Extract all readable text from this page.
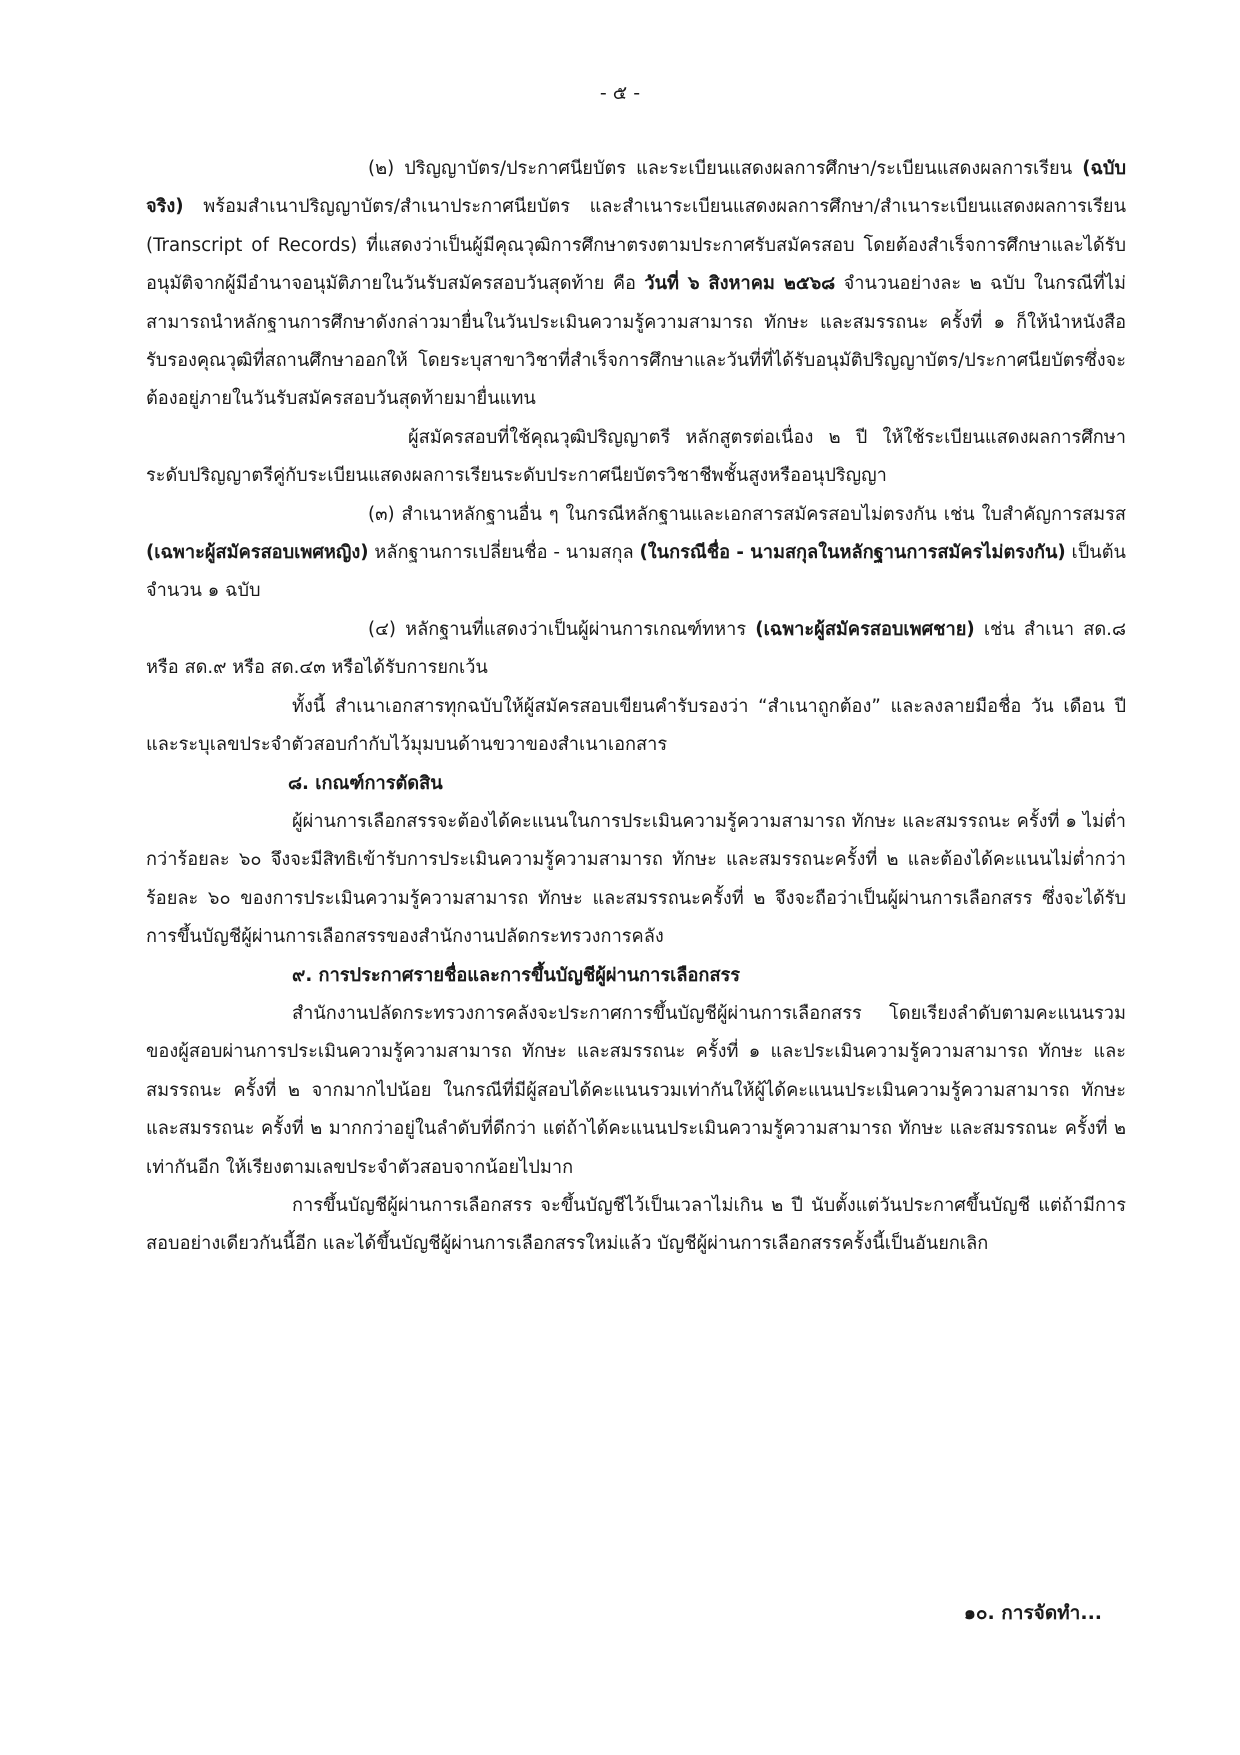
- ๕ -

(๒) ปริญญาบัตร/ประกาศนียบัตร และระเบียนแสดงผลการศึกษา/ระเบียนแสดงผลการเรียน (ฉบับจริง) พร้อมสำเนาปริญญาบัตร/สำเนาประกาศนียบัตร และสำเนาระเบียนแสดงผลการศึกษา/สำเนาระเบียนแสดงผลการเรียน (Transcript of Records) ที่แสดงว่าเป็นผู้มีคุณวุฒิการศึกษาตรงตามประกาศรับสมัครสอบ โดยต้องสำเร็จการศึกษาและได้รับอนุมัติจากผู้มีอำนาจอนุมัติภายในวันรับสมัครสอบวันสุดท้าย คือ วันที่ ๖ สิงหาคม ๒๕๖๘ จำนวนอย่างละ ๒ ฉบับ ในกรณีที่ไม่สามารถนำหลักฐานการศึกษาดังกล่าวมายื่นในวันประเมินความรู้ความสามารถ ทักษะ และสมรรถนะ ครั้งที่ ๑ ก็ให้นำหนังสือรับรองคุณวุฒิที่สถานศึกษาออกให้ โดยระบุสาขาวิชาที่สำเร็จการศึกษาและวันที่ที่ได้รับอนุมัติปริญญาบัตร/ประกาศนียบัตรซึ่งจะต้องอยู่ภายในวันรับสมัครสอบวันสุดท้ายมายื่นแทน

ผู้สมัครสอบที่ใช้คุณวุฒิปริญญาตรี หลักสูตรต่อเนื่อง ๒ ปี ให้ใช้ระเบียนแสดงผลการศึกษาระดับปริญญาตรีคู่กับระเบียนแสดงผลการเรียนระดับประกาศนียบัตรวิชาชีพชั้นสูงหรืออนุปริญญา

(๓) สำเนาหลักฐานอื่น ๆ ในกรณีหลักฐานและเอกสารสมัครสอบไม่ตรงกัน เช่น ใบสำคัญการสมรส (เฉพาะผู้สมัครสอบเพศหญิง) หลักฐานการเปลี่ยนชื่อ - นามสกุล (ในกรณีชื่อ - นามสกุลในหลักฐานการสมัครไม่ตรงกัน) เป็นต้น จำนวน ๑ ฉบับ

(๔) หลักฐานที่แสดงว่าเป็นผู้ผ่านการเกณฑ์ทหาร (เฉพาะผู้สมัครสอบเพศชาย) เช่น สำเนา สด.๘ หรือ สด.๙ หรือ สด.๔๓ หรือได้รับการยกเว้น

ทั้งนี้ สำเนาเอกสารทุกฉบับให้ผู้สมัครสอบเขียนคำรับรองว่า “สำเนาถูกต้อง” และลงลายมือชื่อ วัน เดือน ปี และระบุเลขประจำตัวสอบกำกับไว้มุมบนด้านขวาของสำเนาเอกสาร

๘. เกณฑ์การตัดสิน

ผู้ผ่านการเลือกสรรจะต้องได้คะแนนในการประเมินความรู้ความสามารถ ทักษะ และสมรรถนะ ครั้งที่ ๑ ไม่ต่ำกว่าร้อยละ ๖๐ จึงจะมีสิทธิเข้ารับการประเมินความรู้ความสามารถ ทักษะ และสมรรถนะครั้งที่ ๒ และต้องได้คะแนนไม่ต่ำกว่าร้อยละ ๖๐ ของการประเมินความรู้ความสามารถ ทักษะ และสมรรถนะครั้งที่ ๒ จึงจะถือว่าเป็นผู้ผ่านการเลือกสรร ซึ่งจะได้รับการขึ้นบัญชีผู้ผ่านการเลือกสรรของสำนักงานปลัดกระทรวงการคลัง

๙. การประกาศรายชื่อและการขึ้นบัญชีผู้ผ่านการเลือกสรร

สำนักงานปลัดกระทรวงการคลังจะประกาศการขึ้นบัญชีผู้ผ่านการเลือกสรร โดยเรียงลำดับตามคะแนนรวมของผู้สอบผ่านการประเมินความรู้ความสามารถ ทักษะ และสมรรถนะ ครั้งที่ ๑ และประเมินความรู้ความสามารถ ทักษะ และสมรรถนะ ครั้งที่ ๒ จากมากไปน้อย ในกรณีที่มีผู้สอบได้คะแนนรวมเท่ากันให้ผู้ได้คะแนนประเมินความรู้ความสามารถ ทักษะ และสมรรถนะ ครั้งที่ ๒ มากกว่าอยู่ในลำดับที่ดีกว่า แต่ถ้าได้คะแนนประเมินความรู้ความสามารถ ทักษะ และสมรรถนะ ครั้งที่ ๒ เท่ากันอีก ให้เรียงตามเลขประจำตัวสอบจากน้อยไปมาก

การขึ้นบัญชีผู้ผ่านการเลือกสรร จะขึ้นบัญชีไว้เป็นเวลาไม่เกิน ๒ ปี นับตั้งแต่วันประกาศขึ้นบัญชี แต่ถ้ามีการสอบอย่างเดียวกันนี้อีก และได้ขึ้นบัญชีผู้ผ่านการเลือกสรรใหม่แล้ว บัญชีผู้ผ่านการเลือกสรรครั้งนี้เป็นอันยกเลิก

๑๐. การจัดทำ...
